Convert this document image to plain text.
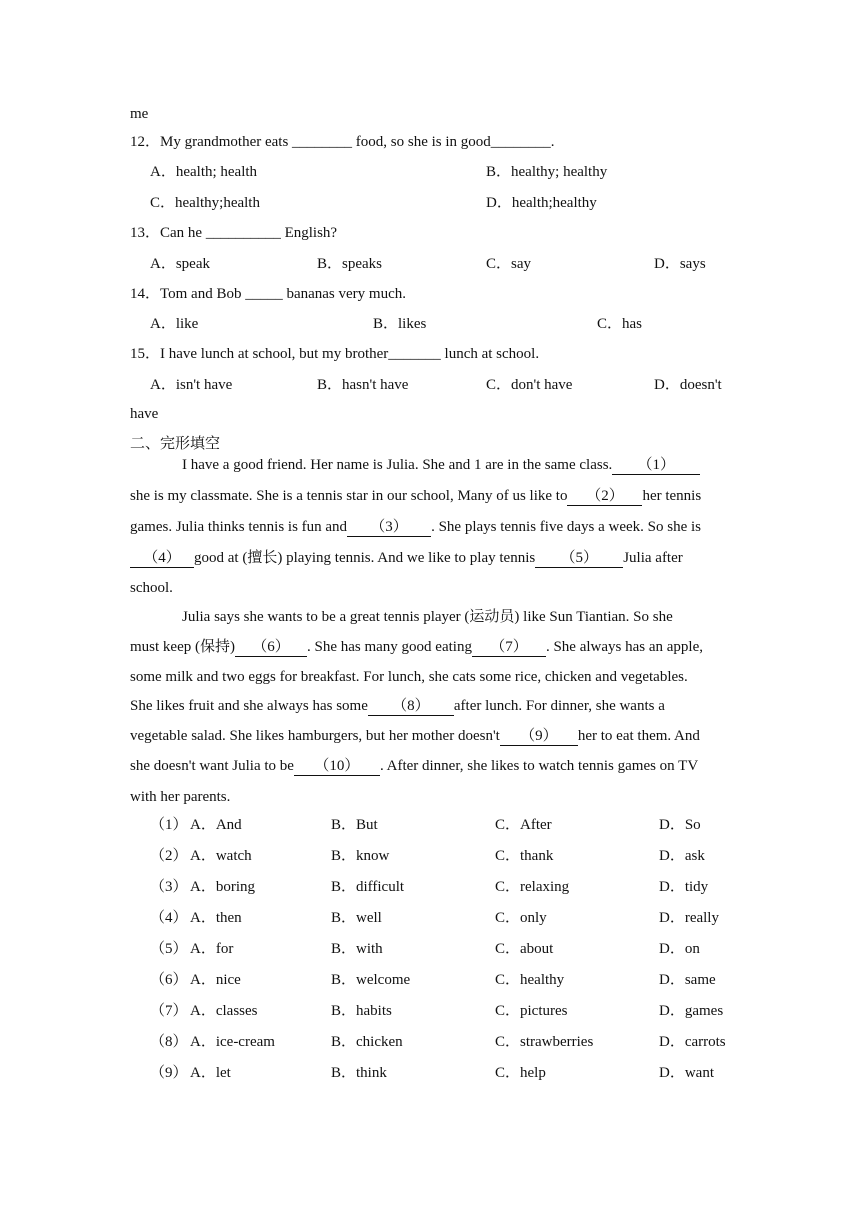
me
12．My grandmother eats ________ food, so she is in good________.
A．health; health	B．healthy; healthy
C．healthy;health	D．health;healthy
13．Can he __________ English?
A．speak	B．speaks	C．say	D．says
14．Tom and Bob _____ bananas very much.
A．like	B．likes	C．has
15．I have lunch at school, but my brother_______ lunch at school.
A．isn't have	B．hasn't have	C．don't have	D．doesn't
have
二、完形填空
I have a good friend. Her name is Julia. She and 1 are in the same class. （1）
she is my classmate. She is a tennis star in our school, Many of us like to （2） her tennis
games. Julia thinks tennis is fun and （3） . She plays tennis five days a week. So she is
（4） good at (擅长) playing tennis. And we like to play tennis （5） Julia after
school.
Julia says she wants to be a great tennis player (运动员) like Sun Tiantian. So she
must keep (保持) （6） . She has many good eating （7） . She always has an apple,
some milk and two eggs for breakfast. For lunch, she cats some rice, chicken and vegetables.
She likes fruit and she always has some （8） after lunch. For dinner, she wants a
vegetable salad. She likes hamburgers, but her mother doesn't （9） her to eat them. And
she doesn't want Julia to be （10） . After dinner, she likes to watch tennis games on TV
with her parents.
（1） A．And	B．But	C．After	D．So
（2） A．watch	B．know	C．thank	D．ask
（3） A．boring	B．difficult	C．relaxing	D．tidy
（4） A．then	B．well	C．only	D．really
（5） A．for	B．with	C．about	D．on
（6） A．nice	B．welcome	C．healthy	D．same
（7） A．classes	B．habits	C．pictures	D．games
（8） A．ice-cream	B．chicken	C．strawberries	D．carrots
（9） A．let	B．think	C．help	D．want
